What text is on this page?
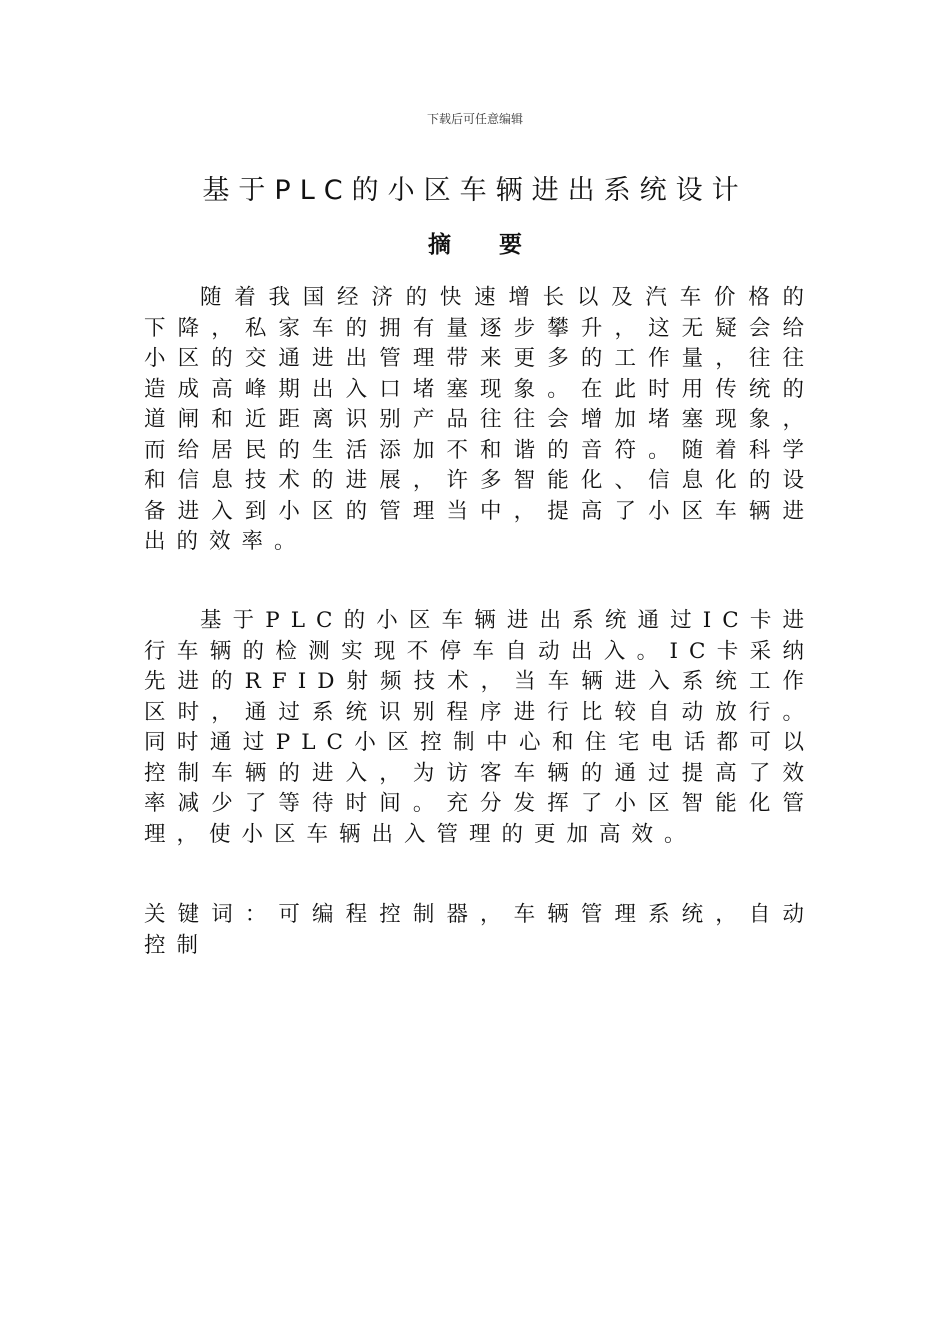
下载后可任意编辑
基于PLC的小区车辆进出系统设计
摘要

随着我国经济的快速增长以及汽车价格的下降，私家车的拥有量逐步攀升，这无疑会给小区的交通进出管理带来更多的工作量，往往造成高峰期出入口堵塞现象。在此时用传统的道闸和近距离识别产品往往会增加堵塞现象，而给居民的生活添加不和谐的音符。随着科学和信息技术的进展，许多智能化、信息化的设备进入到小区的管理当中，提高了小区车辆进出的效率。

基于PLC的小区车辆进出系统通过IC卡进行车辆的检测实现不停车自动出入。IC卡采纳先进的RFID射频技术，当车辆进入系统工作区时，通过系统识别程序进行比较自动放行。同时通过PLC小区控制中心和住宅电话都可以控制车辆的进入，为访客车辆的通过提高了效率减少了等待时间。充分发挥了小区智能化管理，使小区车辆出入管理的更加高效。

关键词：可编程控制器，车辆管理系统，自动控制
